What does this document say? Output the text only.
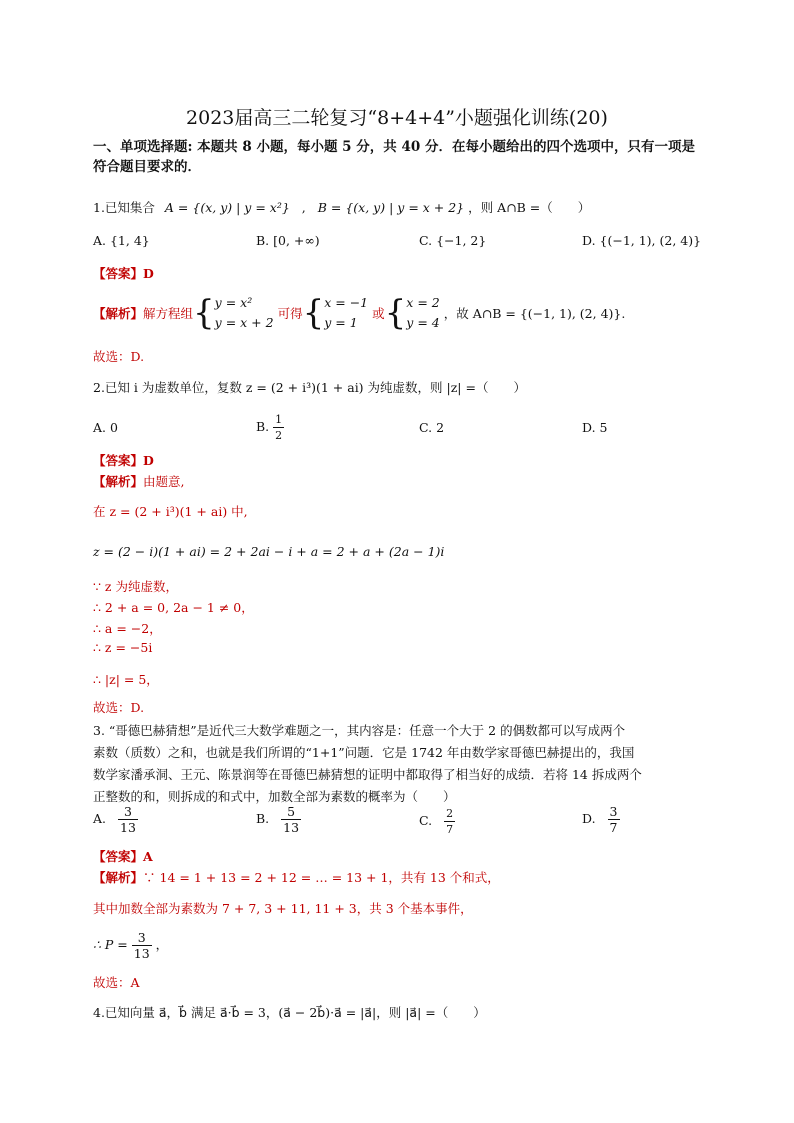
2023届高三二轮复习“8+4+4”小题强化训练(20)
一、单项选择题: 本题共 8 小题，每小题 5 分，共 40 分．在每小题给出的四个选项中，只有一项是
符合题目要求的．
1.已知集合 A = {(x, y) | y = x²} , B = {(x, y) | y = x + 2} ，则 A∩B =（　　）
A. {1, 4}	B. [0, +∞)	C. {−1, 2}	D. {(−1, 1), (2, 4)}
【答案】D
【解析】 解方程组 { y = x²
y = x + 2
可得 { x = −1
y = 1
或 { x = 2
y = 4
，故 A∩B = {(−1, 1), (2, 4)}.
故选：D.
2.已知 i 为虚数单位，复数 z = (2 + i³)(1 + ai) 为纯虚数，则 |z| =（　　）
A. 0	B. $\frac{1}{2}$	C. 2	D. 5
【答案】D
【解析】由题意,
在 z = (2 + i³)(1 + ai) 中,
z = (2 − i)(1 + ai) = 2 + 2ai − i + a = 2 + a + (2a − 1)i
∵ z 为纯虚数，
∴ 2 + a = 0, 2a − 1 ≠ 0，
∴ a = −2，
∴ z = −5i
∴ |z| = 5，
故选：D.
3. “哥德巴赫猜想”是近代三大数学难题之一，其内容是：任意一个大于 2 的偶数都可以写成两个
素数（质数）之和，也就是我们所谓的“1+1”问题．它是 1742 年由数学家哥德巴赫提出的，我国
数学家潘承洞、王元、陈景润等在哥德巴赫猜想的证明中都取得了相当好的成绩．若将 14 拆成两个
正整数的和，则拆成的和式中，加数全部为素数的概率为（　　）
A. $\frac{3}{13}$	B. $\frac{5}{13}$	C. $\frac{2}{7}$	D. $\frac{3}{7}$
【答案】A
【解析】∵ 14 = 1 + 13 = 2 + 12 = … = 13 + 1，共有 13 个和式，
其中加数全部为素数为 7 + 7, 3 + 11, 11 + 3，共 3 个基本事件，
∴ $P = \frac{3}{13}$ ，
故选：A
4.已知向量 a⃗，b⃗ 满足 a⃗·b⃗ = 3，(a⃗ − 2b⃗)·a⃗ = |a⃗|，则 |a⃗| =（　　）
